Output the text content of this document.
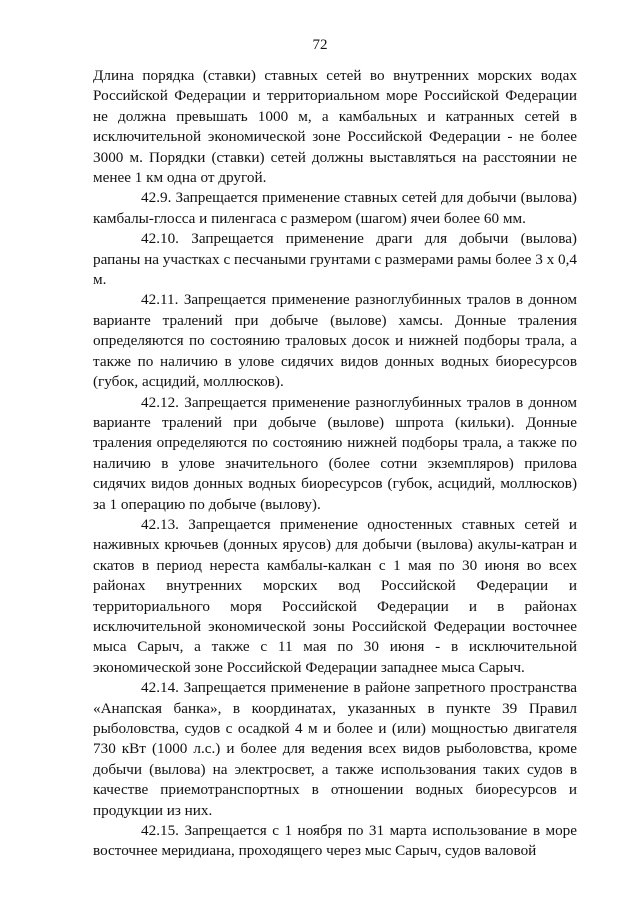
72

Длина порядка (ставки) ставных сетей во внутренних морских водах Российской Федерации и территориальном море Российской Федерации не должна превышать 1000 м, а камбальных и катранных сетей в исключительной экономической зоне Российской Федерации - не более 3000 м. Порядки (ставки) сетей должны выставляться на расстоянии не менее 1 км одна от другой.

42.9. Запрещается применение ставных сетей для добычи (вылова) камбалы-глосса и пиленгаса с размером (шагом) ячеи более 60 мм.

42.10. Запрещается применение драги для добычи (вылова) рапаны на участках с песчаными грунтами с размерами рамы более 3 х 0,4 м.

42.11. Запрещается применение разноглубинных тралов в донном варианте тралений при добыче (вылове) хамсы. Донные траления определяются по состоянию траловых досок и нижней подборы трала, а также по наличию в улове сидячих видов донных водных биоресурсов (губок, асцидий, моллюсков).

42.12. Запрещается применение разноглубинных тралов в донном варианте тралений при добыче (вылове) шпрота (кильки). Донные траления определяются по состоянию нижней подборы трала, а также по наличию в улове значительного (более сотни экземпляров) прилова сидячих видов донных водных биоресурсов (губок, асцидий, моллюсков) за 1 операцию по добыче (вылову).

42.13. Запрещается применение одностенных ставных сетей и наживных крючьев (донных ярусов) для добычи (вылова) акулы-катран и скатов в период нереста камбалы-калкан с 1 мая по 30 июня во всех районах внутренних морских вод Российской Федерации и территориального моря Российской Федерации и в районах исключительной экономической зоны Российской Федерации восточнее мыса Сарыч, а также с 11 мая по 30 июня - в исключительной экономической зоне Российской Федерации западнее мыса Сарыч.

42.14. Запрещается применение в районе запретного пространства «Анапская банка», в координатах, указанных в пункте 39 Правил рыболовства, судов с осадкой 4 м и более и (или) мощностью двигателя 730 кВт (1000 л.с.) и более для ведения всех видов рыболовства, кроме добычи (вылова) на электросвет, а также использования таких судов в качестве приемотранспортных в отношении водных биоресурсов и продукции из них.

42.15. Запрещается с 1 ноября по 31 марта использование в море восточнее меридиана, проходящего через мыс Сарыч, судов валовой
